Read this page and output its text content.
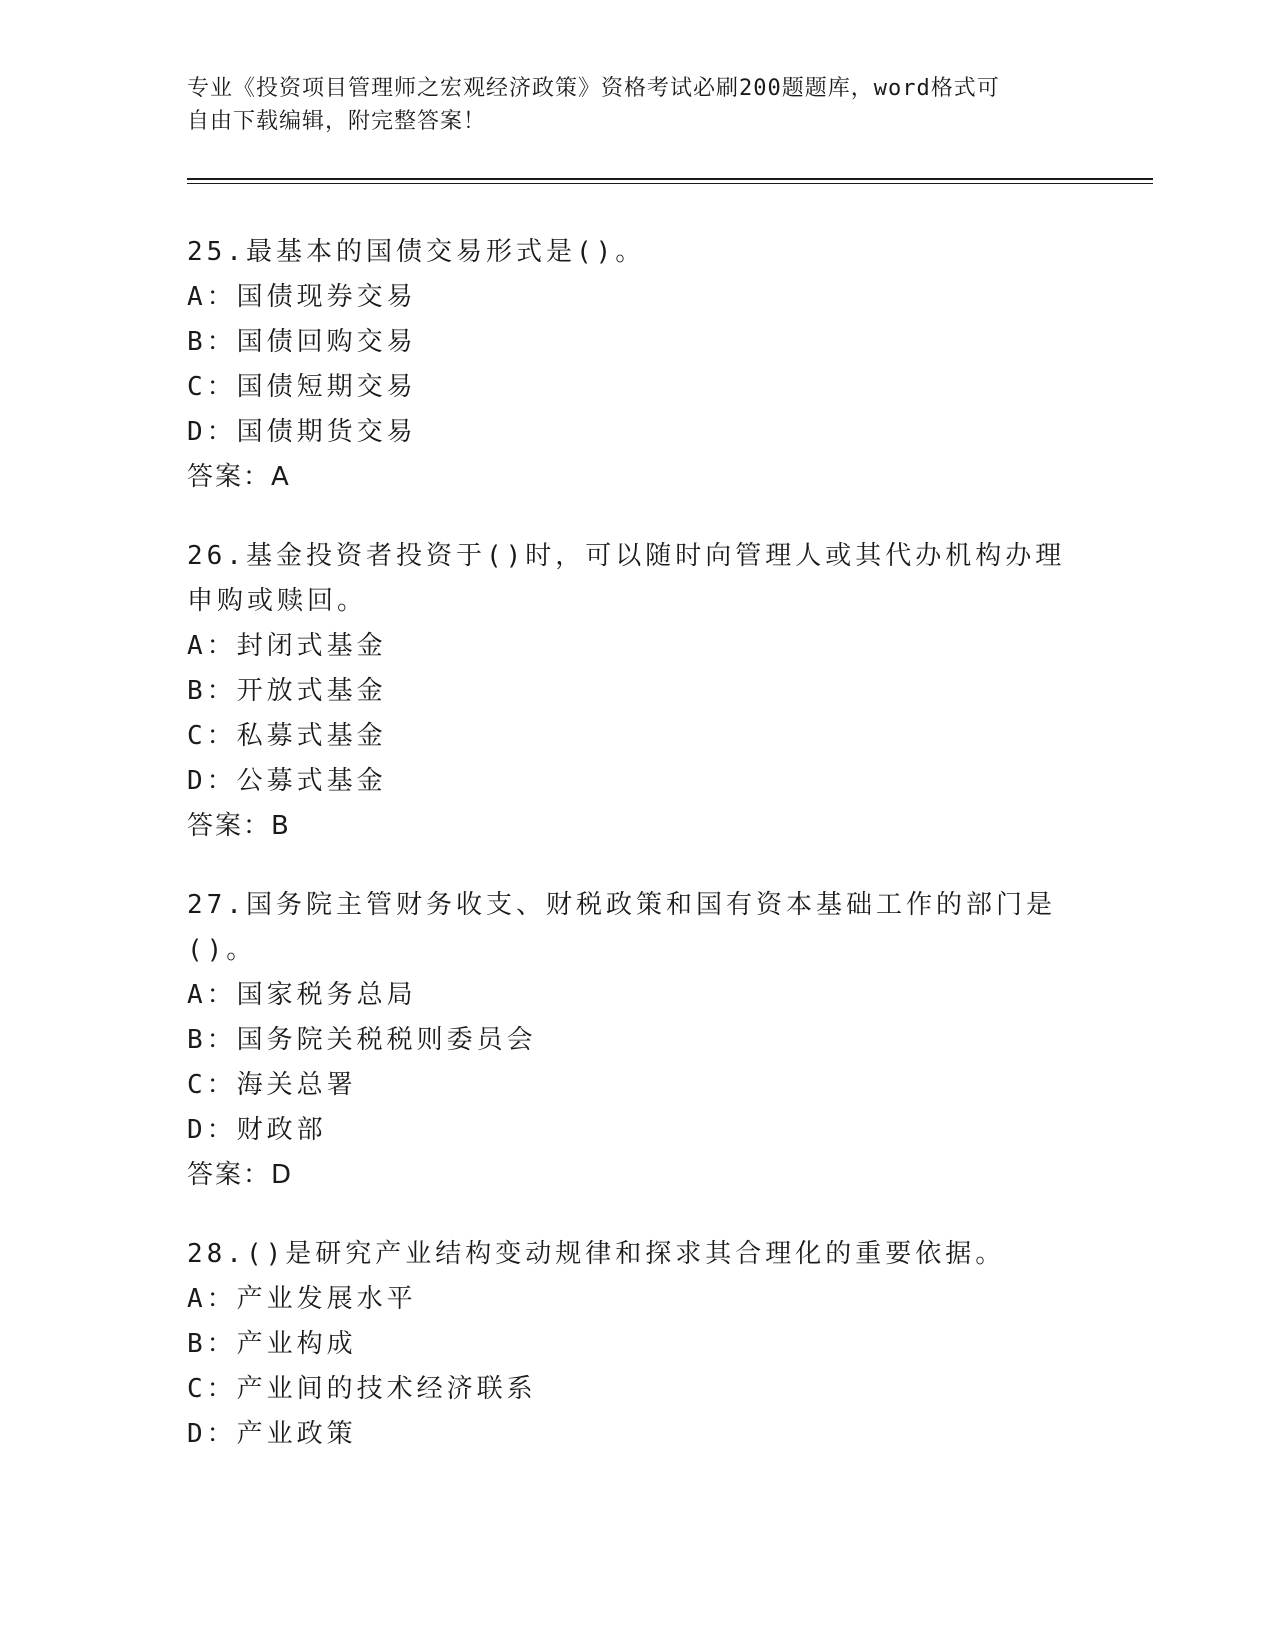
专业《投资项目管理师之宏观经济政策》资格考试必刷200题题库，word格式可
自由下载编辑，附完整答案！
25.最基本的国债交易形式是()。
A：国债现券交易
B：国债回购交易
C：国债短期交易
D：国债期货交易
答案：A
26.基金投资者投资于()时，可以随时向管理人或其代办机构办理申购或赎回。
A：封闭式基金
B：开放式基金
C：私募式基金
D：公募式基金
答案：B
27.国务院主管财务收支、财税政策和国有资本基础工作的部门是()。
A：国家税务总局
B：国务院关税税则委员会
C：海关总署
D：财政部
答案：D
28.()是研究产业结构变动规律和探求其合理化的重要依据。
A：产业发展水平
B：产业构成
C：产业间的技术经济联系
D：产业政策
